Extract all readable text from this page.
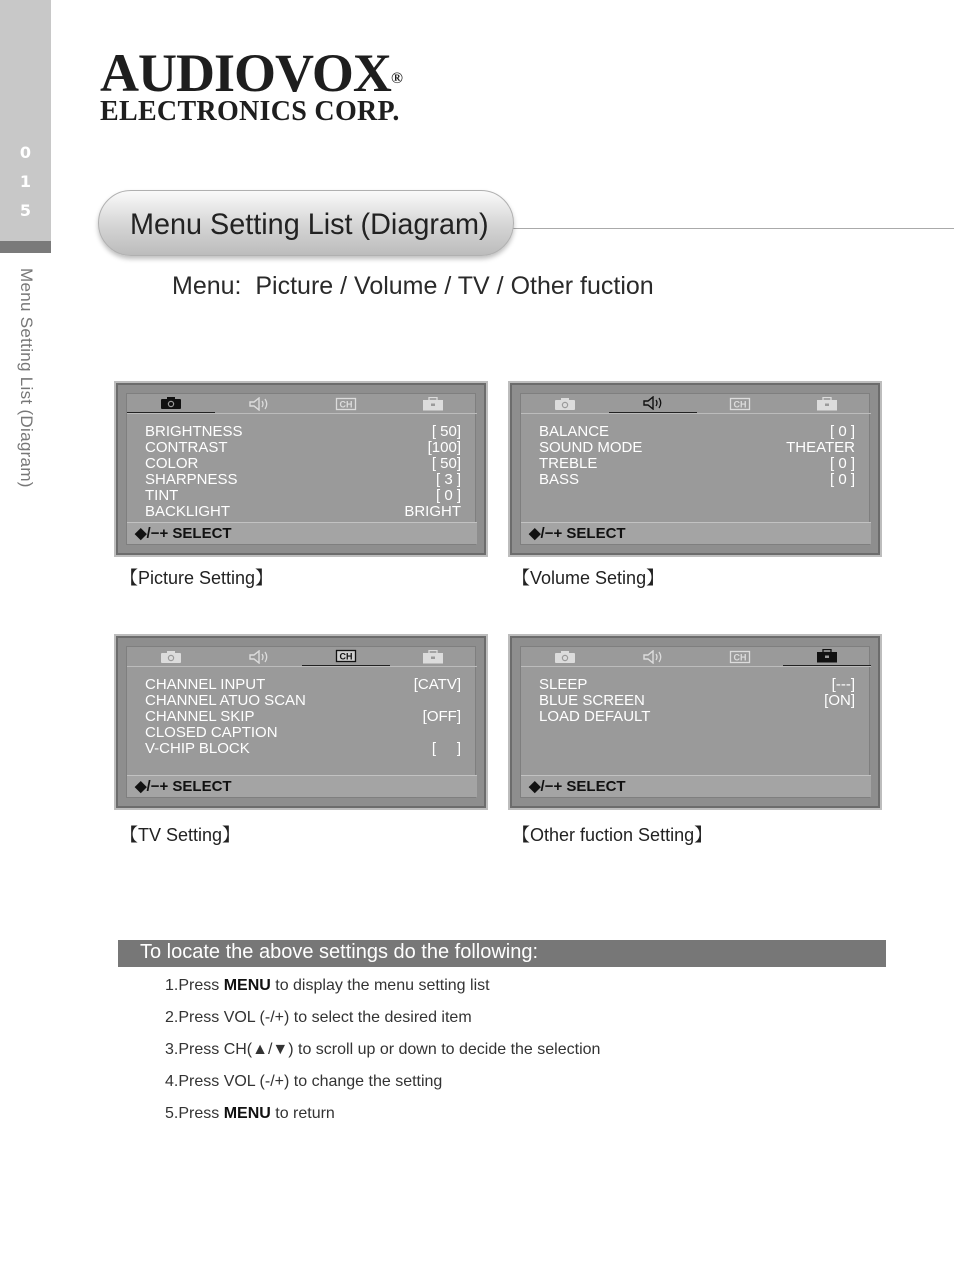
0
1
5
Menu Setting List (Diagram)
AUDIOVOX®
ELECTRONICS CORP.
Menu Setting List (Diagram)
Menu:  Picture / Volume / TV / Other fuction
CH
BRIGHTNESS	[ 50]
CONTRAST	[100]
COLOR	[ 50]
SHARPNESS	[ 3 ]
TINT	[ 0 ]
BACKLIGHT	BRIGHT
◆/−+ SELECT
【Picture Setting】
CH
BALANCE	[ 0 ]
SOUND MODE	THEATER
TREBLE	[ 0 ]
BASS	[ 0 ]
◆/−+ SELECT
【Volume Seting】
CH
CHANNEL INPUT	[CATV]
CHANNEL ATUO SCAN
CHANNEL SKIP	[OFF]
CLOSED CAPTION
V-CHIP BLOCK	[     ]
◆/−+ SELECT
【TV Setting】
CH
SLEEP	[---]
BLUE SCREEN	[ON]
LOAD DEFAULT
◆/−+ SELECT
【Other fuction Setting】
To locate the above settings do the following:
1.Press MENU to display the menu setting list
2.Press VOL (-/+) to select the desired item
3.Press CH(▲/▼) to scroll up or down to decide the selection
4.Press VOL (-/+) to change the setting
5.Press MENU to return
